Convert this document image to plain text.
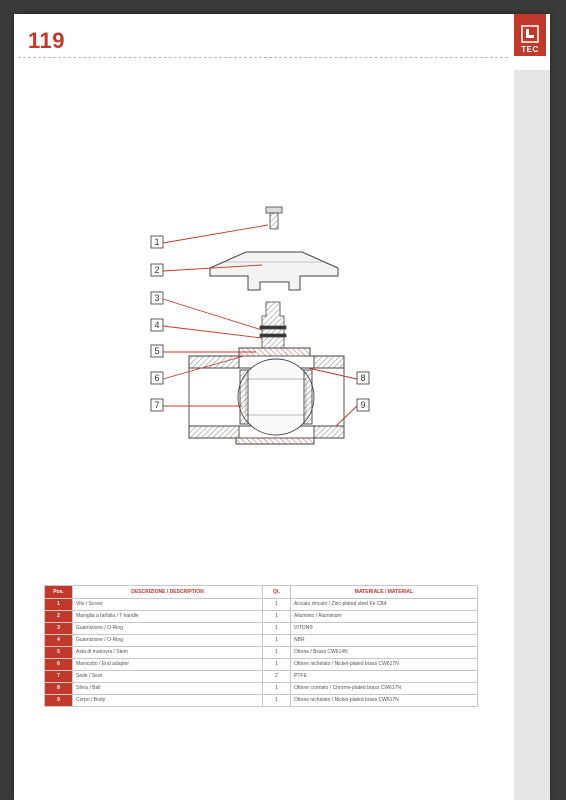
119	TEC
1
2
3
4
5
6
7
8
9
Pos.	DESCRIZIONE / DESCRIPTION	Qt.	MATERIALE / MATERIAL
1	Vite / Screw	1	Acciaio zincato / Zinc-plated steel Fe CB4
2	Maniglia a farfalla / T handle	1	Alluminio / Aluminium
3	Guarnizione / O-Ring	1	VITON®
4	Guarnizione / O-Ring	1	NBR
5	Asta di manovra / Stem	1	Ottone / Brass CW614N
6	Manicotto / End adapter	1	Ottone nichelato / Nickel-plated brass CW617N
7	Sede / Seat	2	PTFE
8	Sfera / Ball	1	Ottone cromato / Chrome-plated brass CW617N
9	Corpo / Body	1	Ottone nichelato / Nickel-plated brass CW617N
